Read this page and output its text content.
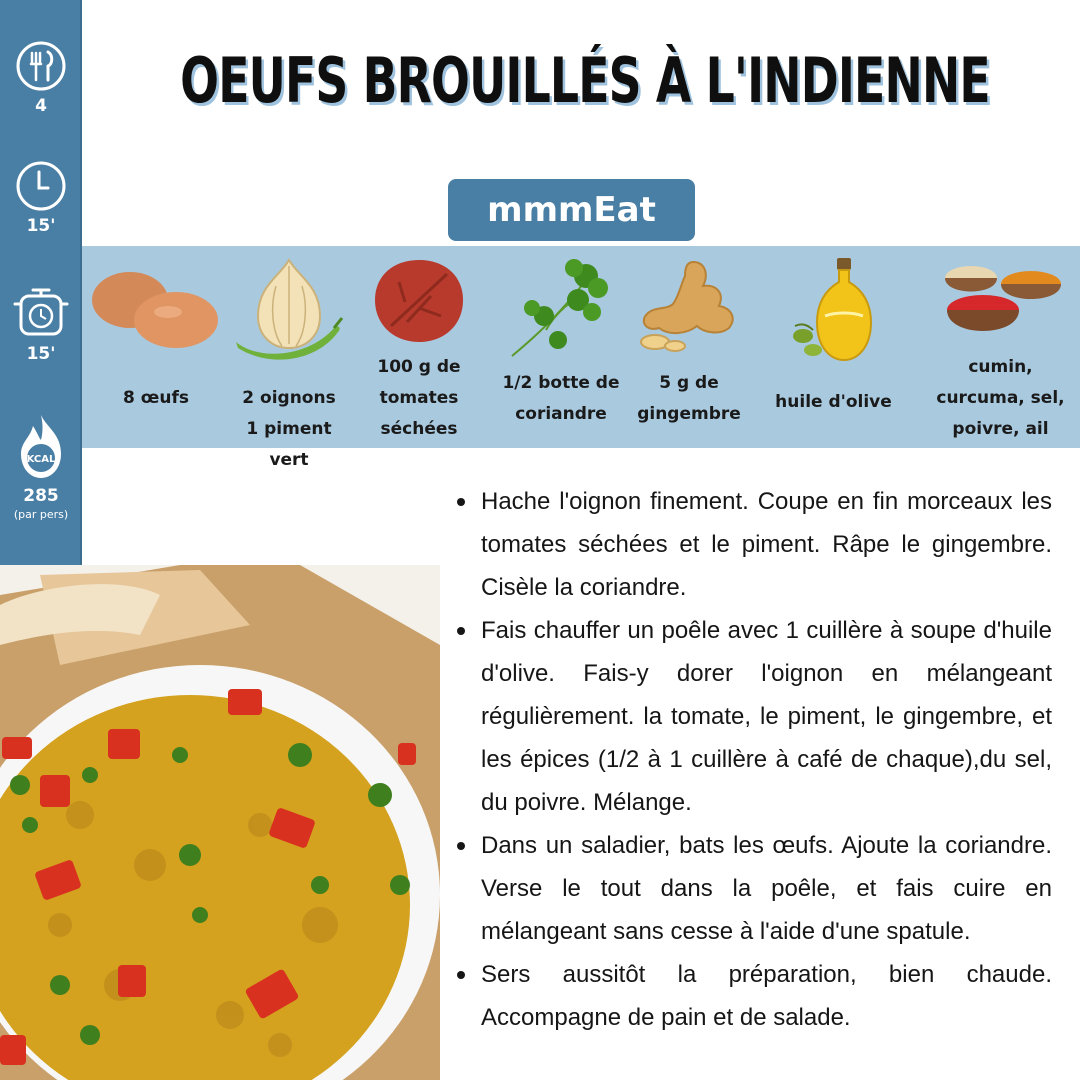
4
15'
15'
KCAL
285
(par pers)
OEUFS BROUILLÉS À L'INDIENNE
mmmEat
8 œufs	2 oignons
1 piment vert
100 g de
tomates
séchées
1/2 botte de
coriandre
5 g de
gingembre
huile d'olive
cumin,
curcuma, sel,
poivre, ail
Hache l'oignon finement. Coupe en fin morceaux les tomates séchées et le piment. Râpe le gingembre. Cisèle la coriandre.
Fais chauffer un poêle avec 1 cuillère à soupe d'huile d'olive. Fais-y dorer l'oignon en mélangeant régulièrement. la tomate, le piment, le gingembre, et les épices (1/2 à 1 cuillère à café de chaque),du sel, du poivre. Mélange.
Dans un saladier, bats les œufs. Ajoute la coriandre. Verse le tout dans la poêle, et fais cuire en mélangeant sans cesse à l'aide d'une spatule.
Sers aussitôt la préparation, bien chaude. Accompagne de pain et de salade.
